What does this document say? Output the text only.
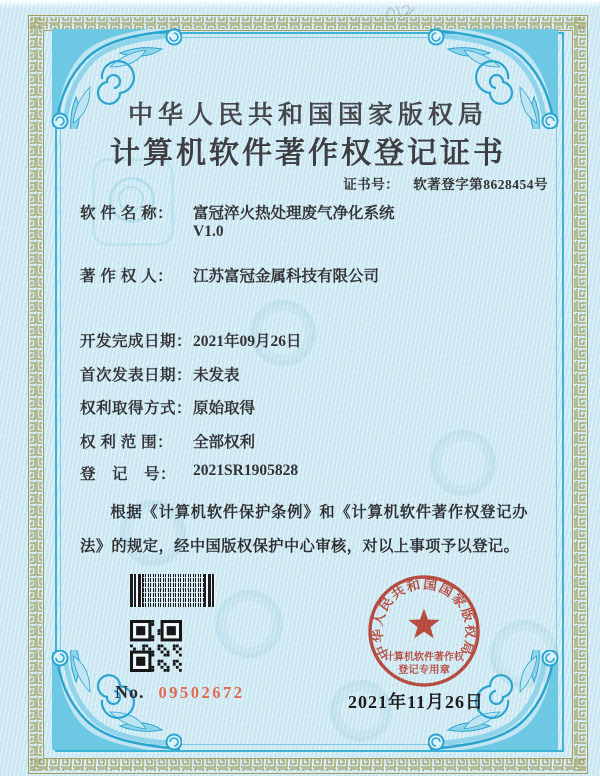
中华人民共和国国家版权局
计算机软件著作权登记证书
证书号： 软著登字第8628454号
软 件 名 称： 富冠淬火热处理废气净化系统
V1.0
著 作 权 人： 江苏富冠金属科技有限公司
开发完成日期： 2021年09月26日
首次发表日期： 未发表
权利取得方式： 原始取得
权 利 范 围： 全部权利
登　记　号： 2021SR1905828
根据《计算机软件保护条例》和《计算机软件著作权登记办法》的规定，经中国版权保护中心审核，对以上事项予以登记。
No. 09502672
中华人民共和国国家版权局
计算机软件著作权
登记专用章
2021年11月26日
